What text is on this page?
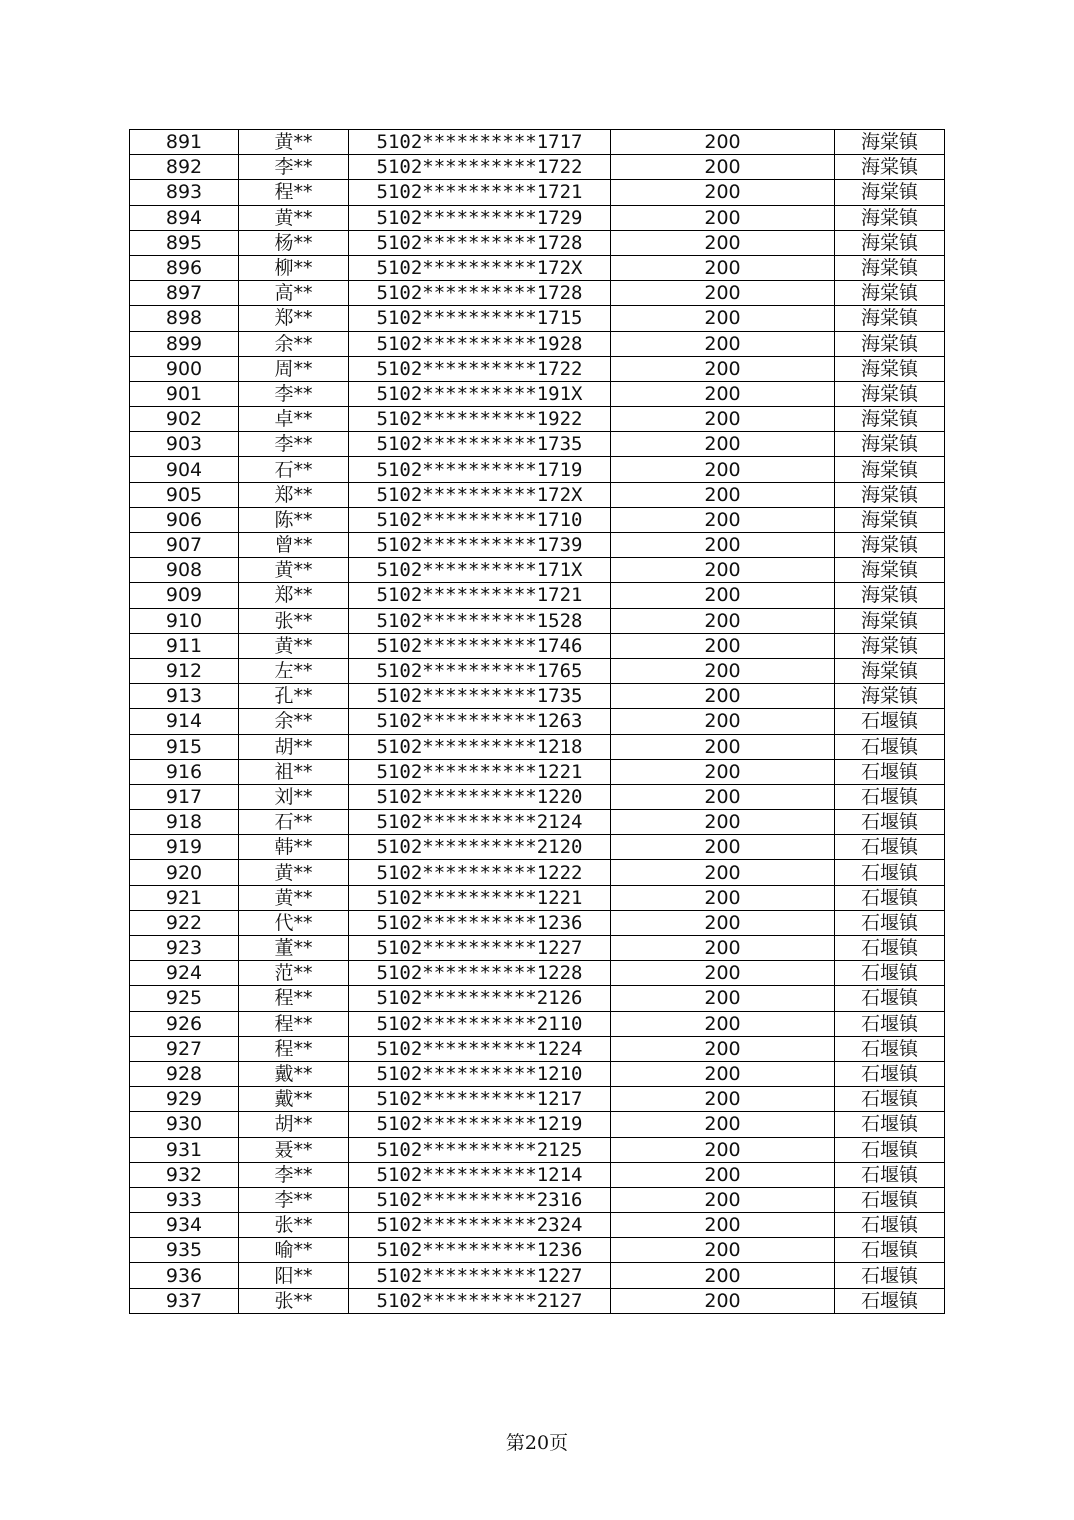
891	黄**	5102**********1717	200	海棠镇
892	李**	5102**********1722	200	海棠镇
893	程**	5102**********1721	200	海棠镇
894	黄**	5102**********1729	200	海棠镇
895	杨**	5102**********1728	200	海棠镇
896	柳**	5102**********172X	200	海棠镇
897	高**	5102**********1728	200	海棠镇
898	郑**	5102**********1715	200	海棠镇
899	余**	5102**********1928	200	海棠镇
900	周**	5102**********1722	200	海棠镇
901	李**	5102**********191X	200	海棠镇
902	卓**	5102**********1922	200	海棠镇
903	李**	5102**********1735	200	海棠镇
904	石**	5102**********1719	200	海棠镇
905	郑**	5102**********172X	200	海棠镇
906	陈**	5102**********1710	200	海棠镇
907	曾**	5102**********1739	200	海棠镇
908	黄**	5102**********171X	200	海棠镇
909	郑**	5102**********1721	200	海棠镇
910	张**	5102**********1528	200	海棠镇
911	黄**	5102**********1746	200	海棠镇
912	左**	5102**********1765	200	海棠镇
913	孔**	5102**********1735	200	海棠镇
914	余**	5102**********1263	200	石堰镇
915	胡**	5102**********1218	200	石堰镇
916	祖**	5102**********1221	200	石堰镇
917	刘**	5102**********1220	200	石堰镇
918	石**	5102**********2124	200	石堰镇
919	韩**	5102**********2120	200	石堰镇
920	黄**	5102**********1222	200	石堰镇
921	黄**	5102**********1221	200	石堰镇
922	代**	5102**********1236	200	石堰镇
923	董**	5102**********1227	200	石堰镇
924	范**	5102**********1228	200	石堰镇
925	程**	5102**********2126	200	石堰镇
926	程**	5102**********2110	200	石堰镇
927	程**	5102**********1224	200	石堰镇
928	戴**	5102**********1210	200	石堰镇
929	戴**	5102**********1217	200	石堰镇
930	胡**	5102**********1219	200	石堰镇
931	聂**	5102**********2125	200	石堰镇
932	李**	5102**********1214	200	石堰镇
933	李**	5102**********2316	200	石堰镇
934	张**	5102**********2324	200	石堰镇
935	喻**	5102**********1236	200	石堰镇
936	阳**	5102**********1227	200	石堰镇
937	张**	5102**********2127	200	石堰镇
第20页
